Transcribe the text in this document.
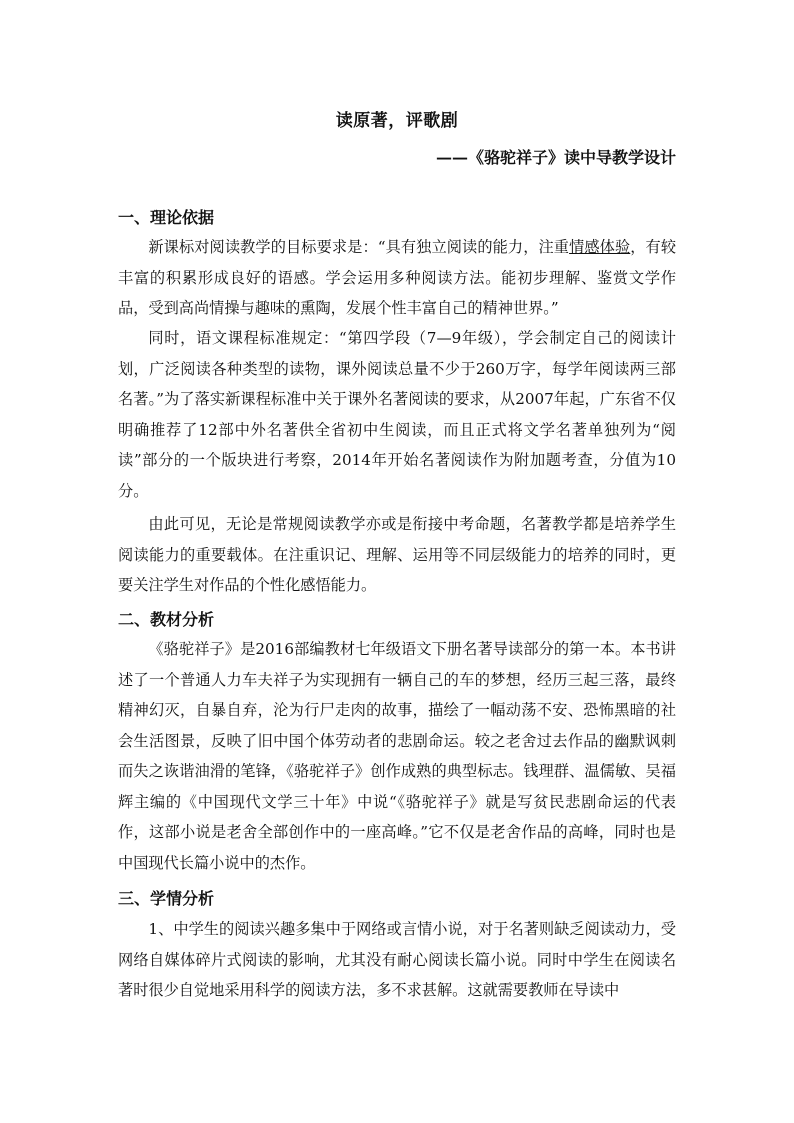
读原著，评歌剧
——《骆驼祥子》读中导教学设计
一、理论依据
新课标对阅读教学的目标要求是：“具有独立阅读的能力，注重情感体验，有较丰富的积累形成良好的语感。学会运用多种阅读方法。能初步理解、鉴赏文学作品，受到高尚情操与趣味的熏陶，发展个性丰富自己的精神世界。”
同时，语文课程标准规定：“第四学段（7—9年级），学会制定自己的阅读计划，广泛阅读各种类型的读物，课外阅读总量不少于260万字，每学年阅读两三部名著。”为了落实新课程标准中关于课外名著阅读的要求，从2007年起，广东省不仅明确推荐了12部中外名著供全省初中生阅读，而且正式将文学名著单独列为“阅读”部分的一个版块进行考察，2014年开始名著阅读作为附加题考查，分值为10分。
由此可见，无论是常规阅读教学亦或是衔接中考命题，名著教学都是培养学生阅读能力的重要载体。在注重识记、理解、运用等不同层级能力的培养的同时，更要关注学生对作品的个性化感悟能力。
二、教材分析
《骆驼祥子》是2016部编教材七年级语文下册名著导读部分的第一本。本书讲述了一个普通人力车夫祥子为实现拥有一辆自己的车的梦想，经历三起三落，最终精神幻灭，自暴自弃，沦为行尸走肉的故事，描绘了一幅动荡不安、恐怖黑暗的社会生活图景，反映了旧中国个体劳动者的悲剧命运。较之老舍过去作品的幽默讽刺而失之诙谐油滑的笔锋，《骆驼祥子》创作成熟的典型标志。钱理群、温儒敏、吴福辉主编的《中国现代文学三十年》中说“《骆驼祥子》就是写贫民悲剧命运的代表作，这部小说是老舍全部创作中的一座高峰。”它不仅是老舍作品的高峰，同时也是中国现代长篇小说中的杰作。
三、学情分析
1、中学生的阅读兴趣多集中于网络或言情小说，对于名著则缺乏阅读动力，受网络自媒体碎片式阅读的影响，尤其没有耐心阅读长篇小说。同时中学生在阅读名著时很少自觉地采用科学的阅读方法，多不求甚解。这就需要教师在导读中
